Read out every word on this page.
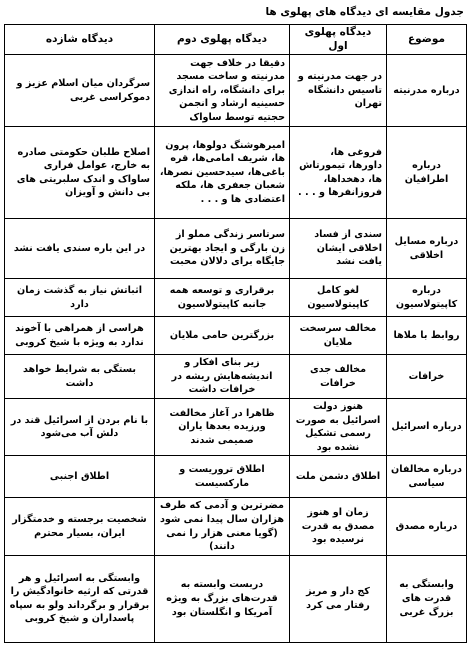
جدول مقایسه ای دیدگاه های پهلوی ها
موضوع	دیدگاه پهلوی اول	دیدگاه پهلوی دوم	دیدگاه شازده
درباره مدرنیته	در جهت مدرنیته و تاسیس دانشگاه تهران	دقیقا در خلاف جهت مدرنیته و ساخت مسجد برای دانشگاه، راه اندازی حسینیه ارشاد و انجمن حجتیه توسط ساواک	سرگردان میان اسلام عزیز و دموکراسی غربی
درباره اطرافیان	فروغی ها، داورها، تیمورتاش ها، دهخداها، فروزانفرها و . . .	امیرهوشنگ دولوها، پرون ها، شریف امامی‌ها، قره باغی‌ها، سیدحسین نصرها، شعبان جعفری ها، ملکه اعتضادی ها و . . .	اصلاح طلبان حکومتی صادره به خارج، عوامل فراری ساواک و اندک سلبریتی های بی دانش و آویزان
درباره مسایل اخلاقی	سندی از فساد اخلاقی ایشان یافت نشد	سرتاسر زندگی مملو از زن بارگی و ایجاد بهترین جایگاه برای دلالان محبت	در این باره سندی یافت نشد
درباره کاپیتولاسیون	لغو کامل کاپیتولاسیون	برقراری و توسعه همه جانبه کاپیتولاسیون	اثباتش نیاز به گذشت زمان دارد
روابط با ملاها	مخالف سرسخت ملایان	بزرگترین حامی ملایان	هراسی از همراهی با آخوند ندارد به ویژه با شیخ کروبی
خرافات	مخالف جدی خرافات	زیر بنای افکار و اندیشه‌هایش ریشه در خرافات داشت	بستگی به شرایط خواهد داشت
درباره اسرائیل	هنوز دولت اسرائیل به صورت رسمی تشکیل نشده بود	ظاهرا در آغاز مخالفت ورزیده بعدها یاران صمیمی شدند	با نام بردن از اسرائیل قند در دلش آب می‌شود
درباره مخالفان سیاسی	اطلاق دشمن ملت	اطلاق تروریست و مارکسیست	اطلاق اجنبی
درباره مصدق	زمان او هنوز مصدق به قدرت نرسیده بود	مضرترین و آدمی که طرف هزاران سال پیدا نمی شود (گویا معنی هزار را نمی دانند)	شخصیت برجسته و خدمتگزار ایران، بسیار محترم
وابستگی به قدرت های بزرگ غربی	کج دار و مریز رفتار می کرد	دربست وابسته به قدرت‌های بزرگ به ویژه آمریکا و انگلستان بود	وابستگی به اسرائیل و هر قدرتی که ارثیه خانوادگیش را برقرار و برگرداند ولو به سپاه پاسداران و شیخ کروبی
